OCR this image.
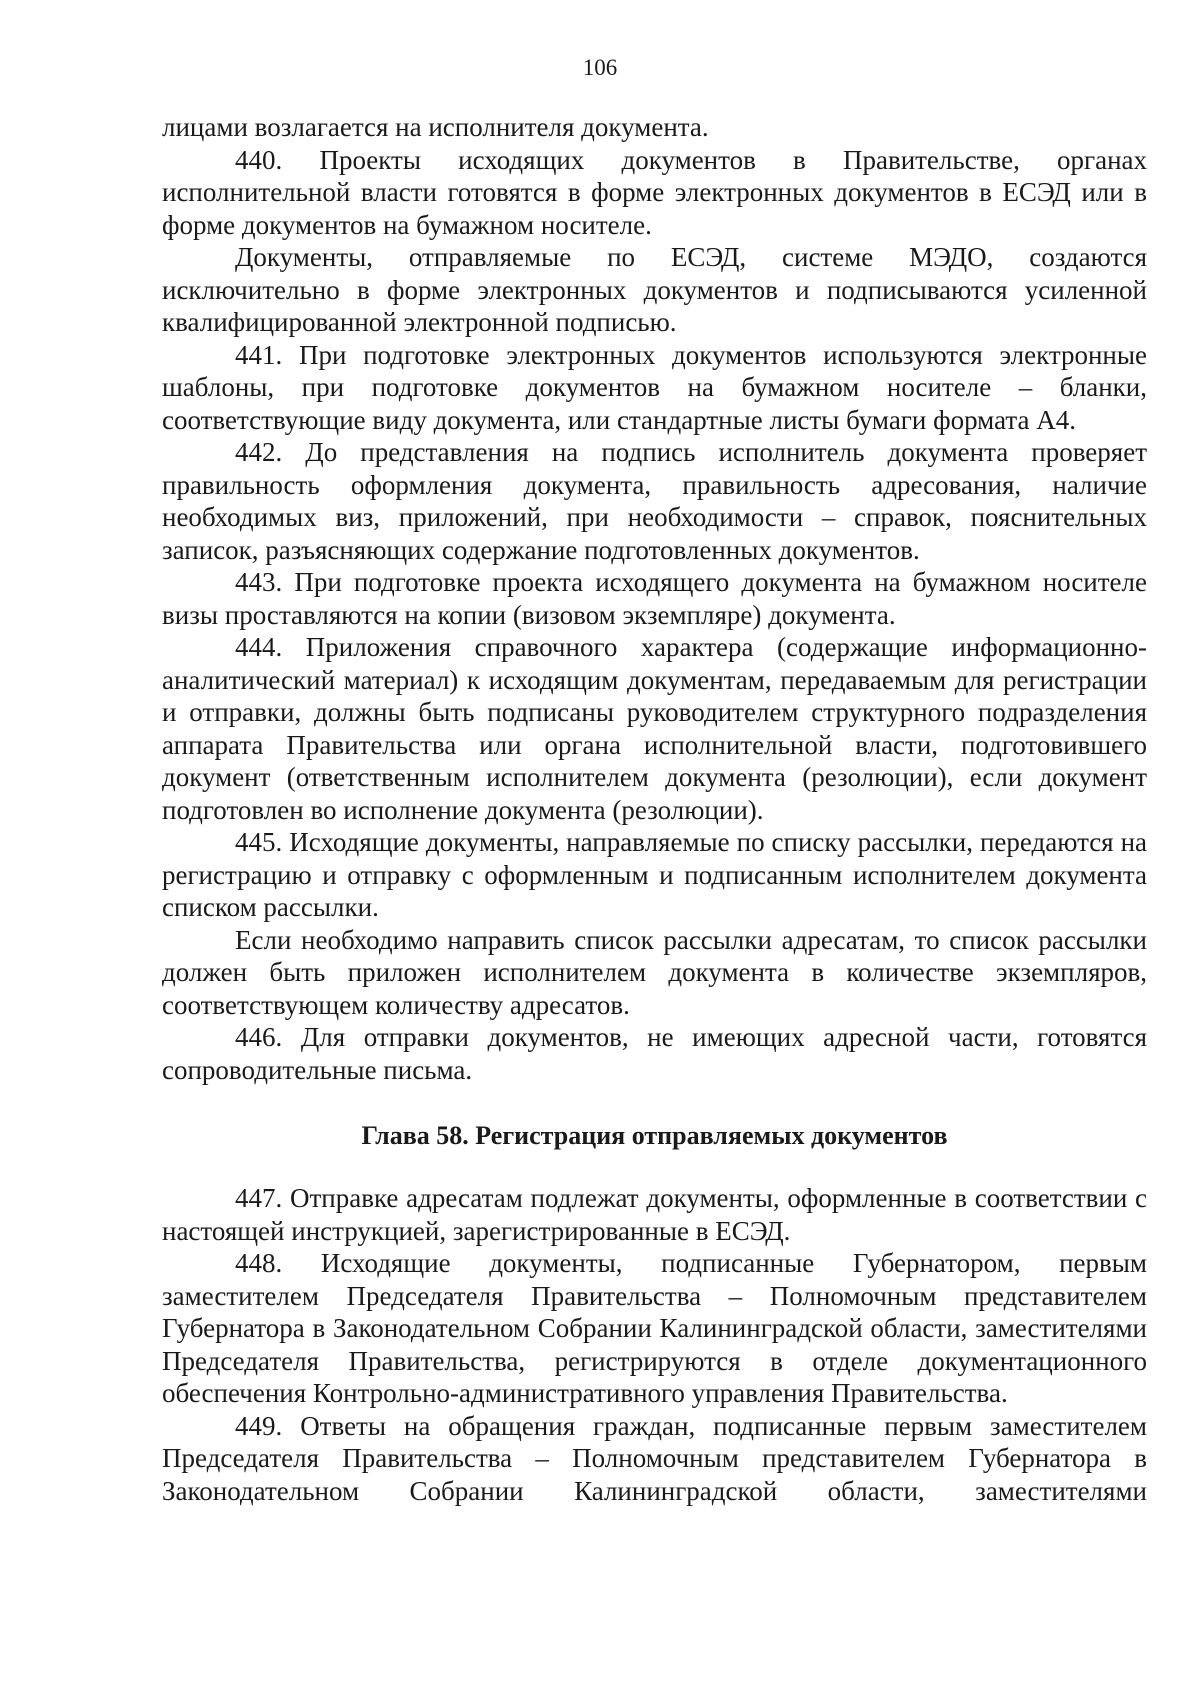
106

лицами возлагается на исполнителя документа.

440. Проекты исходящих документов в Правительстве, органах исполнительной власти готовятся в форме электронных документов в ЕСЭД или в форме документов на бумажном носителе.

Документы, отправляемые по ЕСЭД, системе МЭДО, создаются исключительно в форме электронных документов и подписываются усиленной квалифицированной электронной подписью.

441. При подготовке электронных документов используются электронные шаблоны, при подготовке документов на бумажном носителе – бланки, соответствующие виду документа, или стандартные листы бумаги формата А4.

442. До представления на подпись исполнитель документа проверяет правильность оформления документа, правильность адресования, наличие необходимых виз, приложений, при необходимости – справок, пояснительных записок, разъясняющих содержание подготовленных документов.

443. При подготовке проекта исходящего документа на бумажном носителе визы проставляются на копии (визовом экземпляре) документа.

444. Приложения справочного характера (содержащие информационно-аналитический материал) к исходящим документам, передаваемым для регистрации и отправки, должны быть подписаны руководителем структурного подразделения аппарата Правительства или органа исполнительной власти, подготовившего документ (ответственным исполнителем документа (резолюции), если документ подготовлен во исполнение документа (резолюции).

445. Исходящие документы, направляемые по списку рассылки, передаются на регистрацию и отправку с оформленным и подписанным исполнителем документа списком рассылки.

Если необходимо направить список рассылки адресатам, то список рассылки должен быть приложен исполнителем документа в количестве экземпляров, соответствующем количеству адресатов.

446. Для отправки документов, не имеющих адресной части, готовятся сопроводительные письма.

Глава 58. Регистрация отправляемых документов

447. Отправке адресатам подлежат документы, оформленные в соответствии с настоящей инструкцией, зарегистрированные в ЕСЭД.

448. Исходящие документы, подписанные Губернатором, первым заместителем Председателя Правительства – Полномочным представителем Губернатора в Законодательном Собрании Калининградской области, заместителями Председателя Правительства, регистрируются в отделе документационного обеспечения Контрольно-административного управления Правительства.

449. Ответы на обращения граждан, подписанные первым заместителем Председателя Правительства – Полномочным представителем Губернатора в Законодательном Собрании Калининградской области, заместителями
